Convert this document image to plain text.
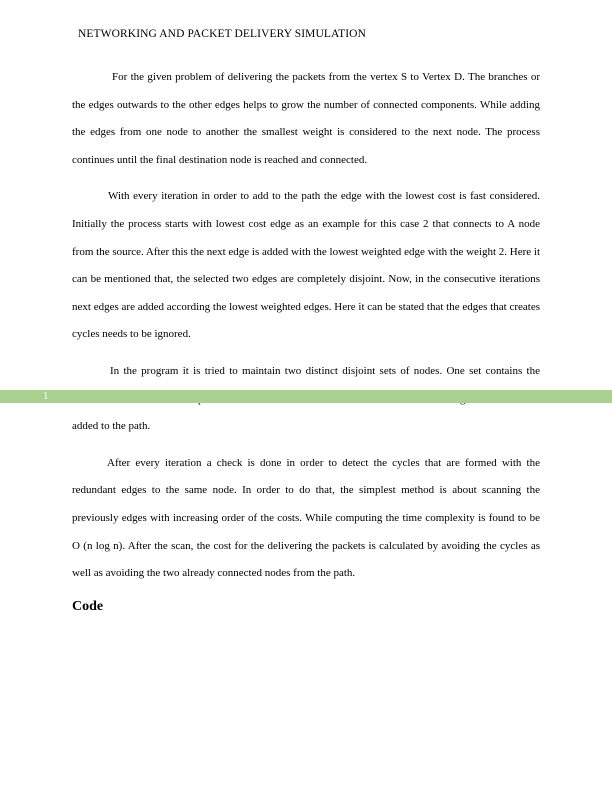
NETWORKING AND PACKET DELIVERY SIMULATION

For the given problem of delivering the packets from the vertex S to Vertex D. The branches or the edges outwards to the other edges helps to grow the number of connected components. While adding the edges from one node to another the smallest weight is considered to the next node. The process continues until the final destination node is reached and connected.

With every iteration in order to add to the path the edge with the lowest cost is fast considered. Initially the process starts with lowest cost edge as an example for this case 2 that connects to A node from the source. After this the next edge is added with the lowest weighted edge with the weight 2. Here it can be mentioned that, the selected two edges are completely disjoint. Now, in the consecutive iterations next edges are added according the lowest weighted edges. Here it can be stated that the edges that creates cycles needs to be ignored.

In the program it is tried to maintain two distinct disjoint sets of nodes. One set contains the added to the path.

After every iteration a check is done in order to detect the cycles that are formed with the redundant edges to the same node. In order to do that, the simplest method is about scanning the previously edges with increasing order of the costs. While computing the time complexity is found to be O (n log n). After the scan, the cost for the delivering the packets is calculated by avoiding the cycles as well as avoiding the two already connected nodes from the path.

Code
1
